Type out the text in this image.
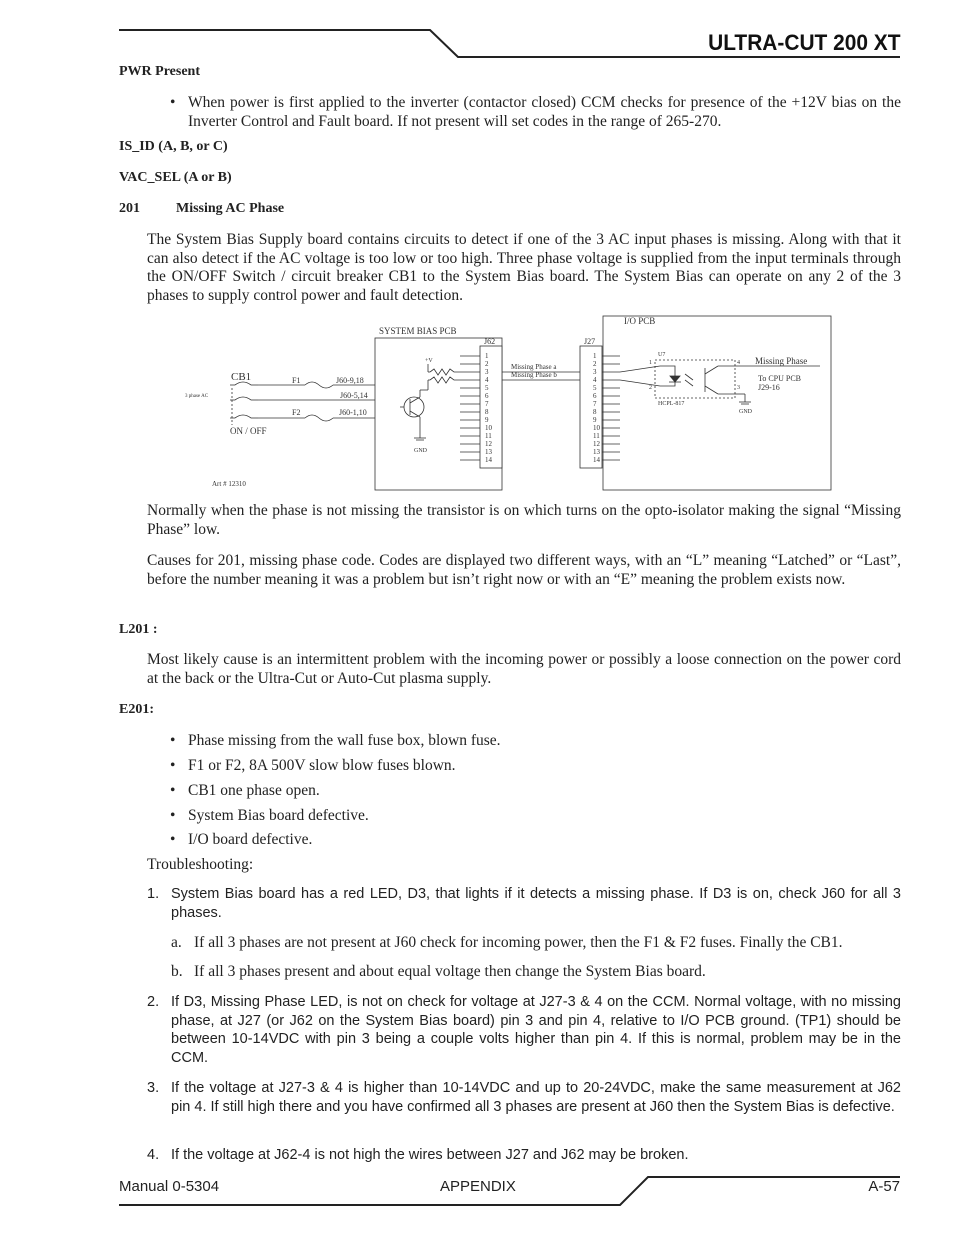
ULTRA-CUT 200 XT
PWR Present
• When power is first applied to the inverter (contactor closed) CCM checks for presence of the +12V bias on the Inverter Control and Fault board. If not present will set codes in the range of 265-270.
IS_ID (A, B, or C)
VAC_SEL (A or B)
201	Missing AC Phase
The System Bias Supply board contains circuits to detect if one of the 3 AC input phases is missing. Along with that it can also detect if the AC voltage is too low or too high. Three phase voltage is supplied from the input terminals through the ON/OFF Switch / circuit breaker CB1 to the System Bias board. The System Bias can operate on any 2 of the 3 phases to supply control power and fault detection.
I/O PCB
SYSTEM BIAS PCB
J62	J27
1
2
3
4
5
6
7
8
9
10
11
12
13
14
1
2
3
4
5
6
7
8
9
10
11
12
13
14
+V
GND
Missing Phase a
Missing Phase b
U7
HCPL-817
1
2	3
4
GND
Missing Phase
To CPU PCB
J29-16
CB1
3 phase AC
ON / OFF
F1
F2
J60-9,18
J60-5,14
J60-1,10
Art # 12310
Normally when the phase is not missing the transistor is on which turns on the opto-isolator making the signal “Missing Phase” low.
Causes for 201, missing phase code. Codes are displayed two different ways, with an “L” meaning “Latched” or “Last”, before the number meaning it was a problem but isn’t right now or with an “E” meaning the problem exists now.
L201 :
Most likely cause is an intermittent problem with the incoming power or possibly a loose connection on the power cord at the back or the Ultra-Cut or Auto-Cut plasma supply.
E201:
• Phase missing from the wall fuse box, blown fuse.
• F1 or F2, 8A 500V slow blow fuses blown.
• CB1 one phase open.
• System Bias board defective.
• I/O board defective.
Troubleshooting:
1. System Bias board has a red LED, D3, that lights if it detects a missing phase. If D3 is on, check J60 for all 3 phases.
a. If all 3 phases are not present at J60 check for incoming power, then the F1 & F2 fuses. Finally the CB1.
b. If all 3 phases present and about equal voltage then change the System Bias board.
2. If D3, Missing Phase LED, is not on check for voltage at J27-3 & 4 on the CCM. Normal voltage, with no missing phase, at J27 (or J62 on the System Bias board) pin 3 and pin 4, relative to I/O PCB ground. (TP1) should be between 10-14VDC with pin 3 being a couple volts higher than pin 4. If this is normal, problem may be in the CCM.
3. If the voltage at J27-3 & 4 is higher than 10-14VDC and up to 20-24VDC, make the same measurement at J62 pin 4. If still high there and you have confirmed all 3 phases are present at J60 then the System Bias is defective.
4. If the voltage at J62-4 is not high the wires between J27 and J62 may be broken.
Manual 0-5304	APPENDIX	A-57
